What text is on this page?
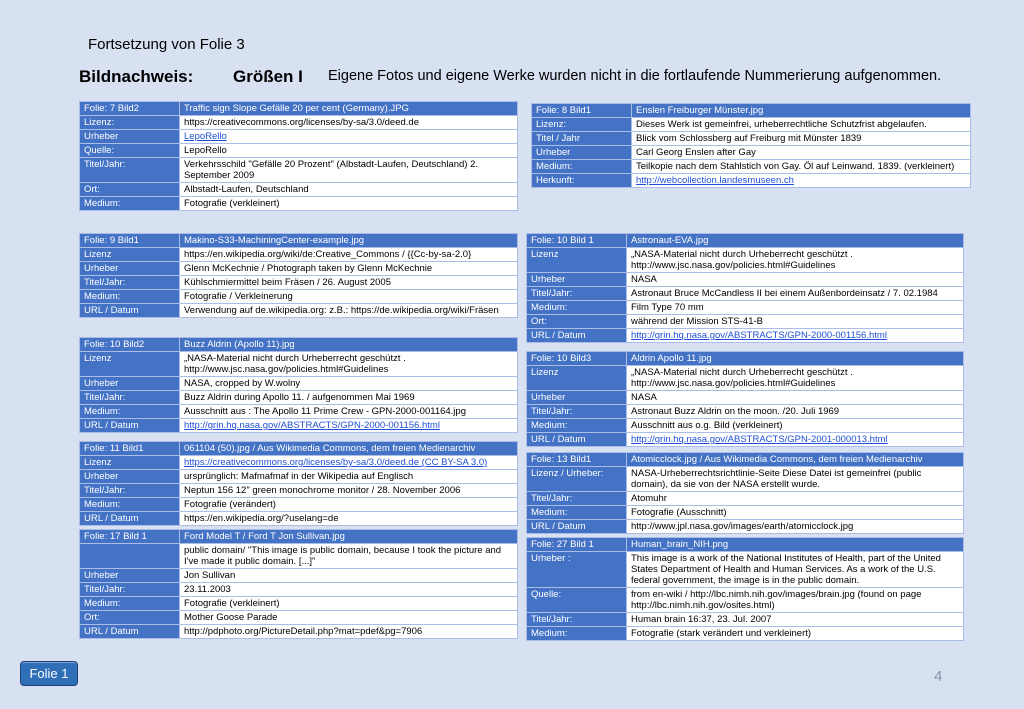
Fortsetzung von Folie 3
Bildnachweis: Größen I Eigene Fotos und eigene Werke wurden nicht in die fortlaufende Nummerierung aufgenommen.
Folie: 7 Bild2	Traffic sign Slope Gefälle 20 per cent (Germany).JPG
Lizenz:	https://creativecommons.org/licenses/by-sa/3.0/deed.de
Urheber	LepoRello
Quelle:	LepoRello
Titel/Jahr:	Verkehrsschild "Gefälle 20 Prozent" (Albstadt-Laufen, Deutschland) 2. September 2009
Ort:	Albstadt-Laufen, Deutschland
Medium:	Fotografie (verkleinert)
Folie: 8 Bild1	Enslen Freiburger Münster.jpg
Lizenz:	Dieses Werk ist gemeinfrei, urheberrechtliche Schutzfrist abgelaufen.
Titel / Jahr	Blick vom Schlossberg auf Freiburg mit Münster 1839
Urheber	Carl Georg Enslen after Gay
Medium:	Teilkopie nach dem Stahlstich von Gay. Öl auf Leinwand. 1839. (verkleinert)
Herkunft:	http://webcollection.landesmuseen.ch
Folie: 9 Bild1	Makino-S33-MachiningCenter-example.jpg
Lizenz	https://en.wikipedia.org/wiki/de:Creative_Commons / {{Cc-by-sa-2.0}
Urheber	Glenn McKechnie / Photograph taken by Glenn McKechnie
Titel/Jahr:	Kühlschmiermittel beim Fräsen / 26. August 2005
Medium:	Fotografie / Verkleinerung
URL / Datum	Verwendung auf de.wikipedia.org: z.B.: https://de.wikipedia.org/wiki/Fräsen
Folie: 10 Bild 1	Astronaut-EVA.jpg
Lizenz	„NASA-Material nicht durch Urheberrecht geschützt . http://www.jsc.nasa.gov/policies.html#Guidelines
Urheber	NASA
Titel/Jahr:	Astronaut Bruce McCandless II bei einem Außenbordeinsatz / 7. 02.1984
Medium:	Film Type 70 mm
Ort:	während der Mission STS-41-B
URL / Datum	http://grin.hq.nasa.gov/ABSTRACTS/GPN-2000-001156.html
Folie: 10 Bild2	Buzz Aldrin (Apollo 11).jpg
Lizenz	„NASA-Material nicht durch Urheberrecht geschützt . http://www.jsc.nasa.gov/policies.html#Guidelines
Urheber	NASA, cropped by W.wolny
Titel/Jahr:	Buzz Aldrin during Apollo 11. / aufgenommen Mai 1969
Medium:	Ausschnitt aus : The Apollo 11 Prime Crew - GPN-2000-001164.jpg
URL / Datum	http://grin.hq.nasa.gov/ABSTRACTS/GPN-2000-001156.html
Folie: 10 Bild3	Aldrin Apollo 11.jpg
Lizenz	„NASA-Material nicht durch Urheberrecht geschützt . http://www.jsc.nasa.gov/policies.html#Guidelines
Urheber	NASA
Titel/Jahr:	Astronaut Buzz Aldrin on the moon. /20. Juli 1969
Medium:	Ausschnitt aus o.g. Bild (verkleinert)
URL / Datum	http://grin.hq.nasa.gov/ABSTRACTS/GPN-2001-000013.html
Folie: 11 Bild1	061104 (50).jpg / Aus Wikimedia Commons, dem freien Medienarchiv
Lizenz	https://creativecommons.org/licenses/by-sa/3.0/deed.de (CC BY-SA 3.0)
Urheber	ursprünglich: Mafmafmaf in der Wikipedia auf Englisch
Titel/Jahr:	Neptun 156 12" green monochrome monitor / 28. November 2006
Medium:	Fotografie (verändert)
URL / Datum	https://en.wikipedia.org/?uselang=de
Folie: 13 Bild1	Atomicclock.jpg / Aus Wikimedia Commons, dem freien Medienarchiv
Lizenz / Urheber:	NASA-Urheberrechtsrichtlinie-Seite Diese Datei ist gemeinfrei (public domain), da sie von der NASA erstellt wurde.
Titel/Jahr:	Atomuhr
Medium:	Fotografie (Ausschnitt)
URL / Datum	http://www.jpl.nasa.gov/images/earth/atomicclock.jpg
Folie: 17 Bild 1	Ford Model T / Ford T Jon Sullivan.jpg
	public domain/ "This image is public domain, because I took the picture and I've made it public domain. [...]"
Urheber	Jon Sullivan
Titel/Jahr:	23.11.2003
Medium:	Fotografie (verkleinert)
Ort:	Mother Goose Parade
URL / Datum	http://pdphoto.org/PictureDetail.php?mat=pdef&pg=7906
Folie: 27 Bild 1	Human_brain_NIH.png
Urheber :	This image is a work of the National Institutes of Health, part of the United States Department of Health and Human Services. As a work of the U.S. federal government, the image is in the public domain.
Quelle:	from en-wiki / http://lbc.nimh.nih.gov/images/brain.jpg (found on page http://lbc.nimh.nih.gov/osites.html)
Titel/Jahr:	Human brain 16:37, 23. Jul. 2007
Medium:	Fotografie (stark verändert und verkleinert)
Folie 1	4
